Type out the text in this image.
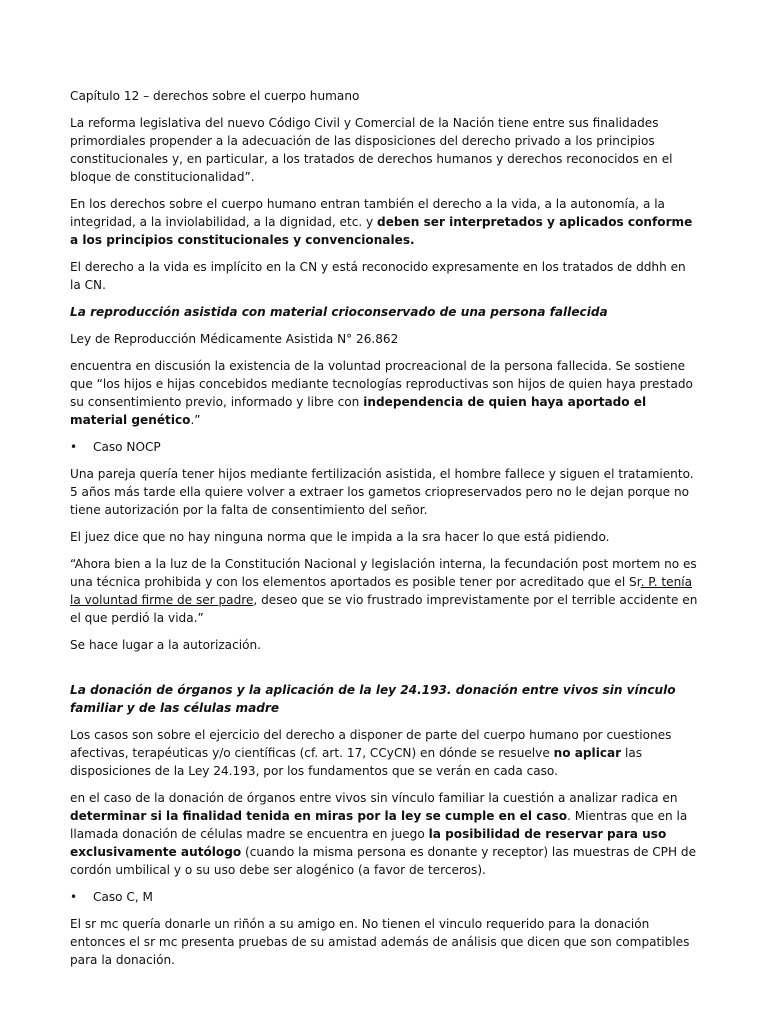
Capítulo 12 – derechos sobre el cuerpo humano

La reforma legislativa del nuevo Código Civil y Comercial de la Nación tiene entre sus finalidades primordiales propender a la adecuación de las disposiciones del derecho privado a los principios constitucionales y, en particular, a los tratados de derechos humanos y derechos reconocidos en el bloque de constitucionalidad”.

En los derechos sobre el cuerpo humano entran también el derecho a la vida, a la autonomía, a la integridad, a la inviolabilidad, a la dignidad, etc. y deben ser interpretados y aplicados conforme a los principios constitucionales y convencionales.

El derecho a la vida es implícito en la CN y está reconocido expresamente en los tratados de ddhh en la CN.

La reproducción asistida con material crioconservado de una persona fallecida

Ley de Reproducción Médicamente Asistida N° 26.862

encuentra en discusión la existencia de la voluntad procreacional de la persona fallecida. Se sostiene que “los hijos e hijas concebidos mediante tecnologías reproductivas son hijos de quien haya prestado su consentimiento previo, informado y libre con independencia de quien haya aportado el material genético.”

•	Caso NOCP

Una pareja quería tener hijos mediante fertilización asistida, el hombre fallece y siguen el tratamiento. 5 años más tarde ella quiere volver a extraer los gametos criopreservados pero no le dejan porque no tiene autorización por la falta de consentimiento del señor.

El juez dice que no hay ninguna norma que le impida a la sra hacer lo que está pidiendo.

“Ahora bien a la luz de la Constitución Nacional y legislación interna, la fecundación post mortem no es una técnica prohibida y con los elementos aportados es posible tener por acreditado que el Sr. P. tenía la voluntad firme de ser padre, deseo que se vio frustrado imprevistamente por el terrible accidente en el que perdió la vida.”

Se hace lugar a la autorización.

La donación de órganos y la aplicación de la ley 24.193. donación entre vivos sin vínculo familiar y de las células madre

Los casos son sobre el ejercicio del derecho a disponer de parte del cuerpo humano por cuestiones afectivas, terapéuticas y/o científicas (cf. art. 17, CCyCN) en dónde se resuelve no aplicar las disposiciones de la Ley 24.193, por los fundamentos que se verán en cada caso.

en el caso de la donación de órganos entre vivos sin vínculo familiar la cuestión a analizar radica en determinar si la finalidad tenida en miras por la ley se cumple en el caso. Mientras que en la llamada donación de células madre se encuentra en juego la posibilidad de reservar para uso exclusivamente autólogo (cuando la misma persona es donante y receptor) las muestras de CPH de cordón umbilical y o su uso debe ser alogénico (a favor de terceros).

•	Caso C, M

El sr mc quería donarle un riñón a su amigo en. No tienen el vinculo requerido para la donación entonces el sr mc presenta pruebas de su amistad además de análisis que dicen que son compatibles para la donación.
